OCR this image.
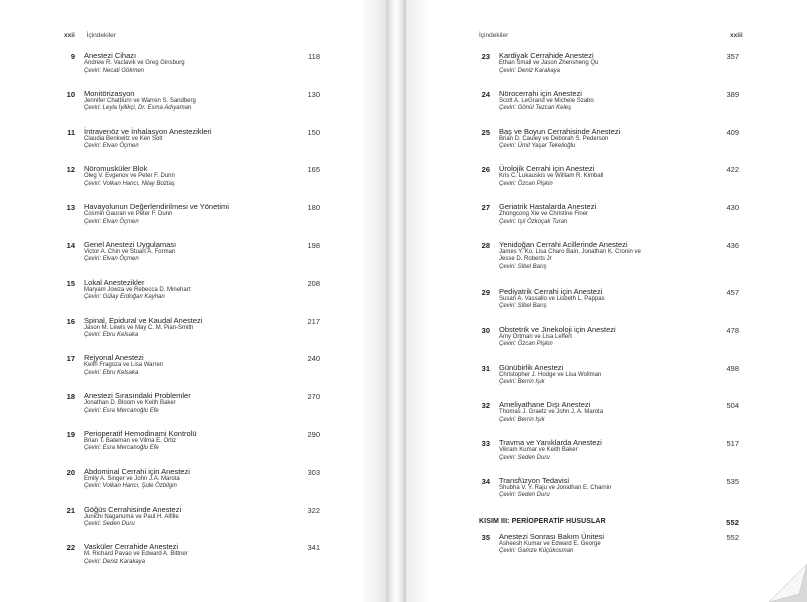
xxii İçindekiler
9 Anestezi Cihazı
Andrew R. Vaclavik ve Greg Ginsburg
Çeviri: Necati Gökmen
118
10 Monitörizasyon
Jennifer Chatburn ve Warren S. Sandberg
Çeviri: Leyla İyilikçi, Dr. Esma Adıyaman
130
11 İntravenöz ve İnhalasyon Anestezikleri
Claudia Benkwitz ve Ken Solt
Çeviri: Elvan Öçmen
150
12 Nöromusküler Blok
Oleg V. Evgenov ve Peter F. Dunn
Çeviri: Volkan Hancı, Nilay Boztaş
165
13 Havayolunun Değerlendirilmesi ve Yönetimi
Cosmin Gauran ve Peter F. Dunn
Çeviri: Elvan Öçmen
180
14 Genel Anestezi Uygulaması
Victor A. Chin ve Stuart A. Forman
Çeviri: Elvan Öçmen
198
15 Lokal Anestezikler
Maryam Jowza ve Rebecca D. Minehart
Çeviri: Gülay Erdoğan Kayhan
208
16 Spinal, Epidural ve Kaudal Anestezi
Jason M. Lewis ve May C. M. Pian-Smith
Çeviri: Ebru Kelsaka
217
17 Rejyonal Anestezi
Keith Fragoza ve Lisa Warren
Çeviri: Ebru Kelsaka
240
18 Anestezi Sırasındaki Problemler
Jonathan D. Bloom ve Keith Baker
Çeviri: Esra Mercanoğlu Efe
270
19 Perioperatif Hemodinami Kontrolü
Brian T. Bateman ve Vilma E. Ortiz
Çeviri: Esra Mercanoğlu Efe
290
20 Abdominal Cerrahi için Anestezi
Emily A. Singer ve John J.A. Marota
Çeviri: Volkan Hancı, Şule Özbilgin
303
21 Göğüs Cerrahisinde Anestezi
Junichi Naganuma ve Paul H. Alfille
Çeviri: Seden Duru
322
22 Vasküler Cerrahide Anestezi
M. Richard Pavao ve Edward A. Bittner
Çeviri: Deniz Karakaya
341
İçindekiler	xxiii
23 Kardiyak Cerrahide Anestezi
Ethan Small ve Jason Zhensheng Qu
Çeviri: Deniz Karakaya
357
24 Nörocerrahi için Anestezi
Scott A. LeGrand ve Michele Szabo
Çeviri: Gönül Tezcan Keleş
389
25 Baş ve Boyun Cerrahisinde Anestezi
Brian D. Cauley ve Deborah S. Pederson
Çeviri: Ümit Yaşar Tekelioğlu
409
26 Ürolojik Cerrahi için Anestezi
Kris C. Lukauskis ve William R. Kimball
Çeviri: Özcan Pişkin
422
27 Geriatrik Hastalarda Anestezi
Zhongcong Xie ve Christine Finer
Çeviri: Işıl Özkoçak Turan
430
28 Yenidoğan Cerrahi Acillerinde Anestezi
James Y. Ko, Lisa Charo Bain, Jonathan K. Cronin ve
Jesse D. Roberts Jr
Çeviri: Sibel Barış
436
29 Pediyatrik Cerrahi için Anestezi
Susan A. Vassallo ve Lisbeth L. Pappas
Çeviri: Sibel Barış
457
30 Obstetrik ve Jinekoloji için Anestezi
Amy Ortman ve Lisa Leffert
Çeviri: Özcan Pişkin
478
31 Günübirlik Anestezi
Christopher J. Hodge ve Lisa Wollman
Çeviri: Berrin Işık
498
32 Ameliyathane Dışı Anestezi
Thomas J. Graetz ve John J. A. Marota
Çeviri: Berrin Işık
504
33 Travma ve Yanıklarda Anestezi
Vikram Kumar ve Keith Baker
Çeviri: Seden Duru
517
34 Transfüzyon Tedavisi
Shubha V. Y. Raju ve Jonathan E. Charnin
Çeviri: Seden Duru
535
KISIM III: PERİOPERATİF HUSUSLAR	552
35 Anestezi Sonrası Bakım Ünitesi
Asheesh Kumar ve Edward E. George
Çeviri: Gamze Küçükosman
552
